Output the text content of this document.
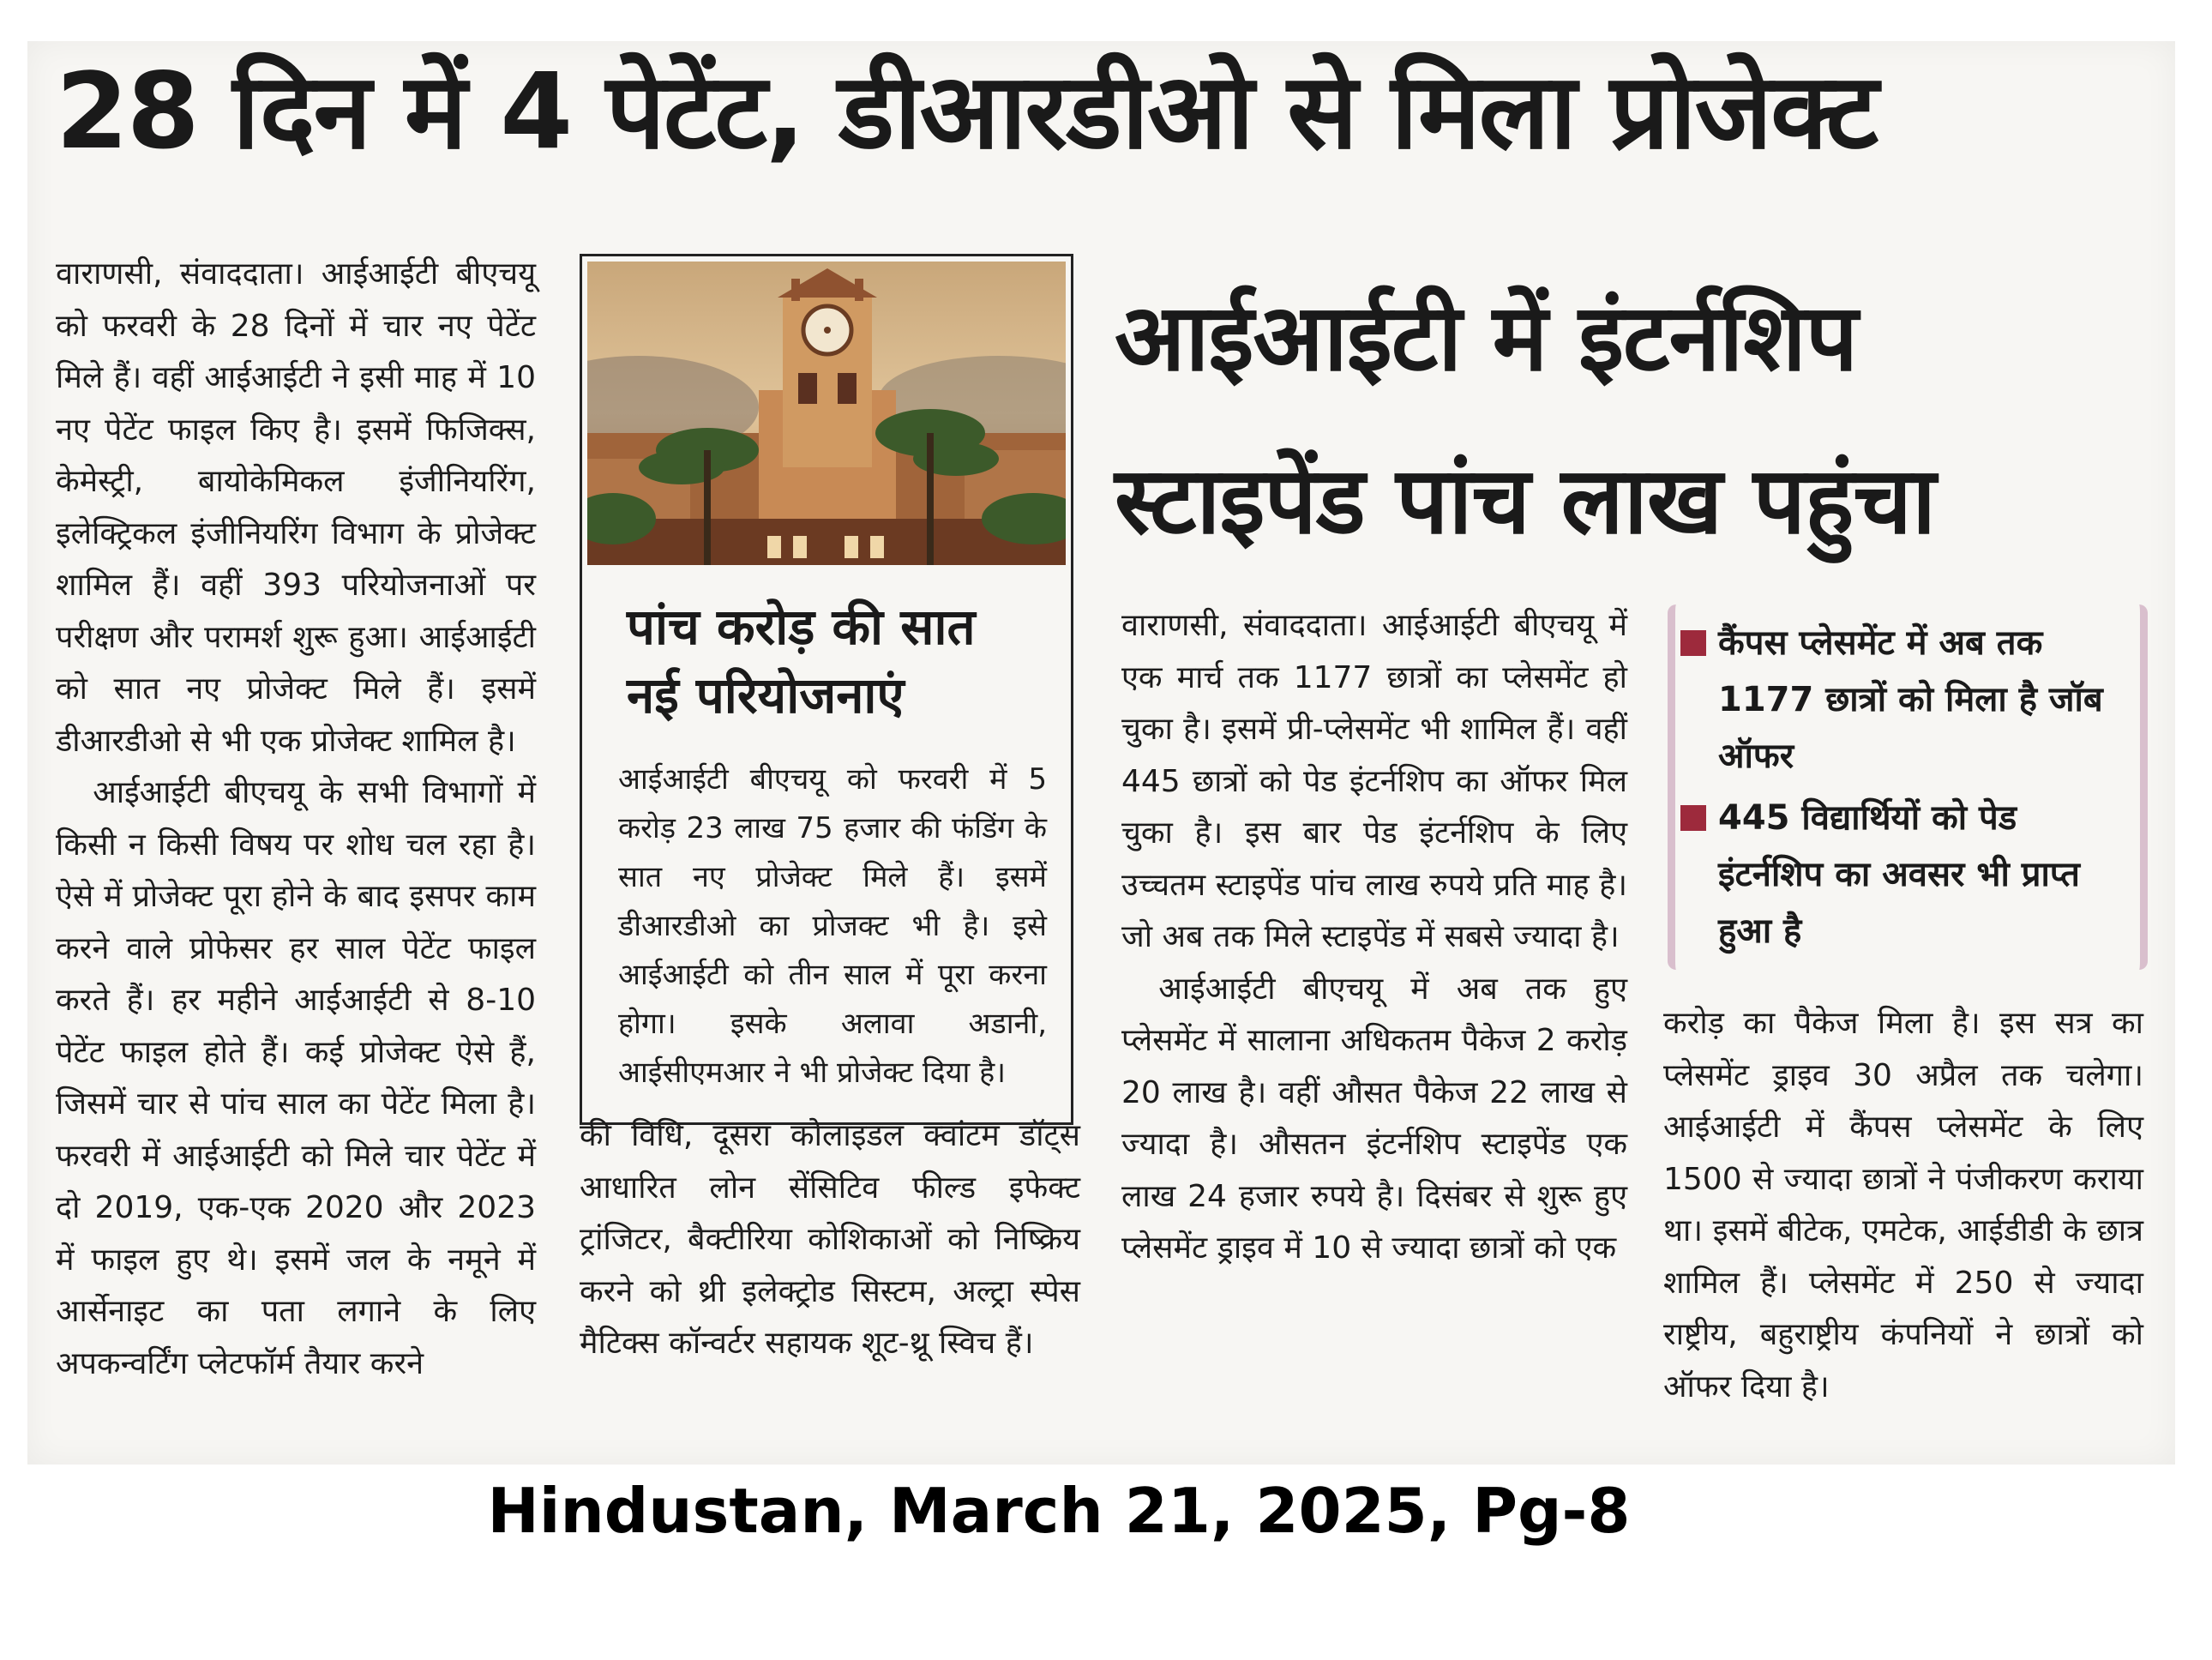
28 दिन में 4 पेटेंट, डीआरडीओ से मिला प्रोजेक्ट

वाराणसी, संवाददाता। आईआईटी बीएचयू को फरवरी के 28 दिनों में चार नए पेटेंट मिले हैं। वहीं आईआईटी ने इसी माह में 10 नए पेटेंट फाइल किए है। इसमें फिजिक्स, केमेस्ट्री, बायोकेमिकल इंजीनियरिंग, इलेक्ट्रिकल इंजीनियरिंग विभाग के प्रोजेक्ट शामिल हैं। वहीं 393 परियोजनाओं पर परीक्षण और परामर्श शुरू हुआ। आईआईटी को सात नए प्रोजेक्ट मिले हैं। इसमें डीआरडीओ से भी एक प्रोजेक्ट शामिल है।

आईआईटी बीएचयू के सभी विभागों में किसी न किसी विषय पर शोध चल रहा है। ऐसे में प्रोजेक्ट पूरा होने के बाद इसपर काम करने वाले प्रोफेसर हर साल पेटेंट फाइल करते हैं। हर महीने आईआईटी से 8-10 पेटेंट फाइल होते हैं। कई प्रोजेक्ट ऐसे हैं, जिसमें चार से पांच साल का पेटेंट मिला है। फरवरी में आईआईटी को मिले चार पेटेंट में दो 2019, एक-एक 2020 और 2023 में फाइल हुए थे। इसमें जल के नमूने में आर्सेनाइट का पता लगाने के लिए अपकन्वर्टिंग प्लेटफॉर्म तैयार करने

पांच करोड़ की सात नई परियोजनाएं
आईआईटी बीएचयू को फरवरी में 5 करोड़ 23 लाख 75 हजार की फंडिंग के सात नए प्रोजेक्ट मिले हैं। इसमें डीआरडीओ का प्रोजक्ट भी है। इसे आईआईटी को तीन साल में पूरा करना होगा। इसके अलावा अडानी, आईसीएमआर ने भी प्रोजेक्ट दिया है।

की विधि, दूसरा कोलाइडल क्वांटम डॉट्स आधारित लोन सेंसिटिव फील्ड इफेक्ट ट्रांजिटर, बैक्टीरिया कोशिकाओं को निष्क्रिय करने को थ्री इलेक्ट्रोड सिस्टम, अल्ट्रा स्पेस मैटिक्स कॉन्वर्टर सहायक शूट-थ्रू स्विच हैं।

आईआईटी में इंटर्नशिप
स्टाइपेंड पांच लाख पहुंचा

वाराणसी, संवाददाता। आईआईटी बीएचयू में एक मार्च तक 1177 छात्रों का प्लेसमेंट हो चुका है। इसमें प्री-प्लेसमेंट भी शामिल हैं। वहीं 445 छात्रों को पेड इंटर्नशिप का ऑफर मिल चुका है। इस बार पेड इंटर्नशिप के लिए उच्चतम स्टाइपेंड पांच लाख रुपये प्रति माह है। जो अब तक मिले स्टाइपेंड में सबसे ज्यादा है।

आईआईटी बीएचयू में अब तक हुए प्लेसमेंट में सालाना अधिकतम पैकेज 2 करोड़ 20 लाख है। वहीं औसत पैकेज 22 लाख से ज्यादा है। औसतन इंटर्नशिप स्टाइपेंड एक लाख 24 हजार रुपये है। दिसंबर से शुरू हुए प्लेसमेंट ड्राइव में 10 से ज्यादा छात्रों को एक

कैंपस प्लेसमेंट में अब तक 1177 छात्रों को मिला है जॉब ऑफर
445 विद्यार्थियों को पेड इंटर्नशिप का अवसर भी प्राप्त हुआ है

करोड़ का पैकेज मिला है। इस सत्र का प्लेसमेंट ड्राइव 30 अप्रैल तक चलेगा। आईआईटी में कैंपस प्लेसमेंट के लिए 1500 से ज्यादा छात्रों ने पंजीकरण कराया था। इसमें बीटेक, एमटेक, आईडीडी के छात्र शामिल हैं। प्लेसमेंट में 250 से ज्यादा राष्ट्रीय, बहुराष्ट्रीय कंपनियों ने छात्रों को ऑफर दिया है।

Hindustan, March 21, 2025, Pg-8
